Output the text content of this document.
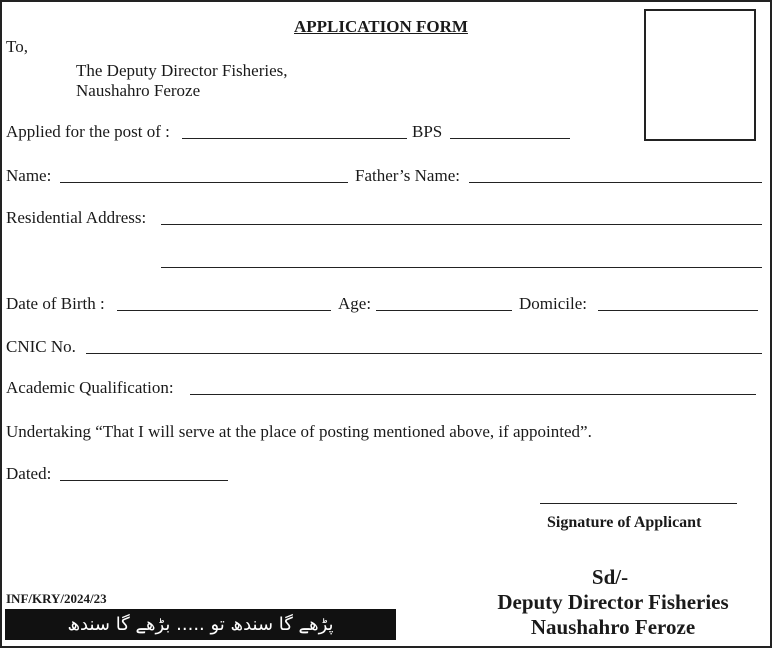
APPLICATION FORM
To,
The Deputy Director Fisheries,
Naushahro Feroze
Applied for the post of :	BPS
Name:	Father’s Name:
Residential Address:
Date of Birth :	Age:	Domicile:
CNIC No.
Academic Qualification:
Undertaking “That I will serve at the place of posting mentioned above, if appointed”.
Dated:
Signature of Applicant
INF/KRY/2024/23
پڑھے گا سندھ تو ..... بڑھے گا سندھ
Sd/-
Deputy Director Fisheries
Naushahro Feroze
